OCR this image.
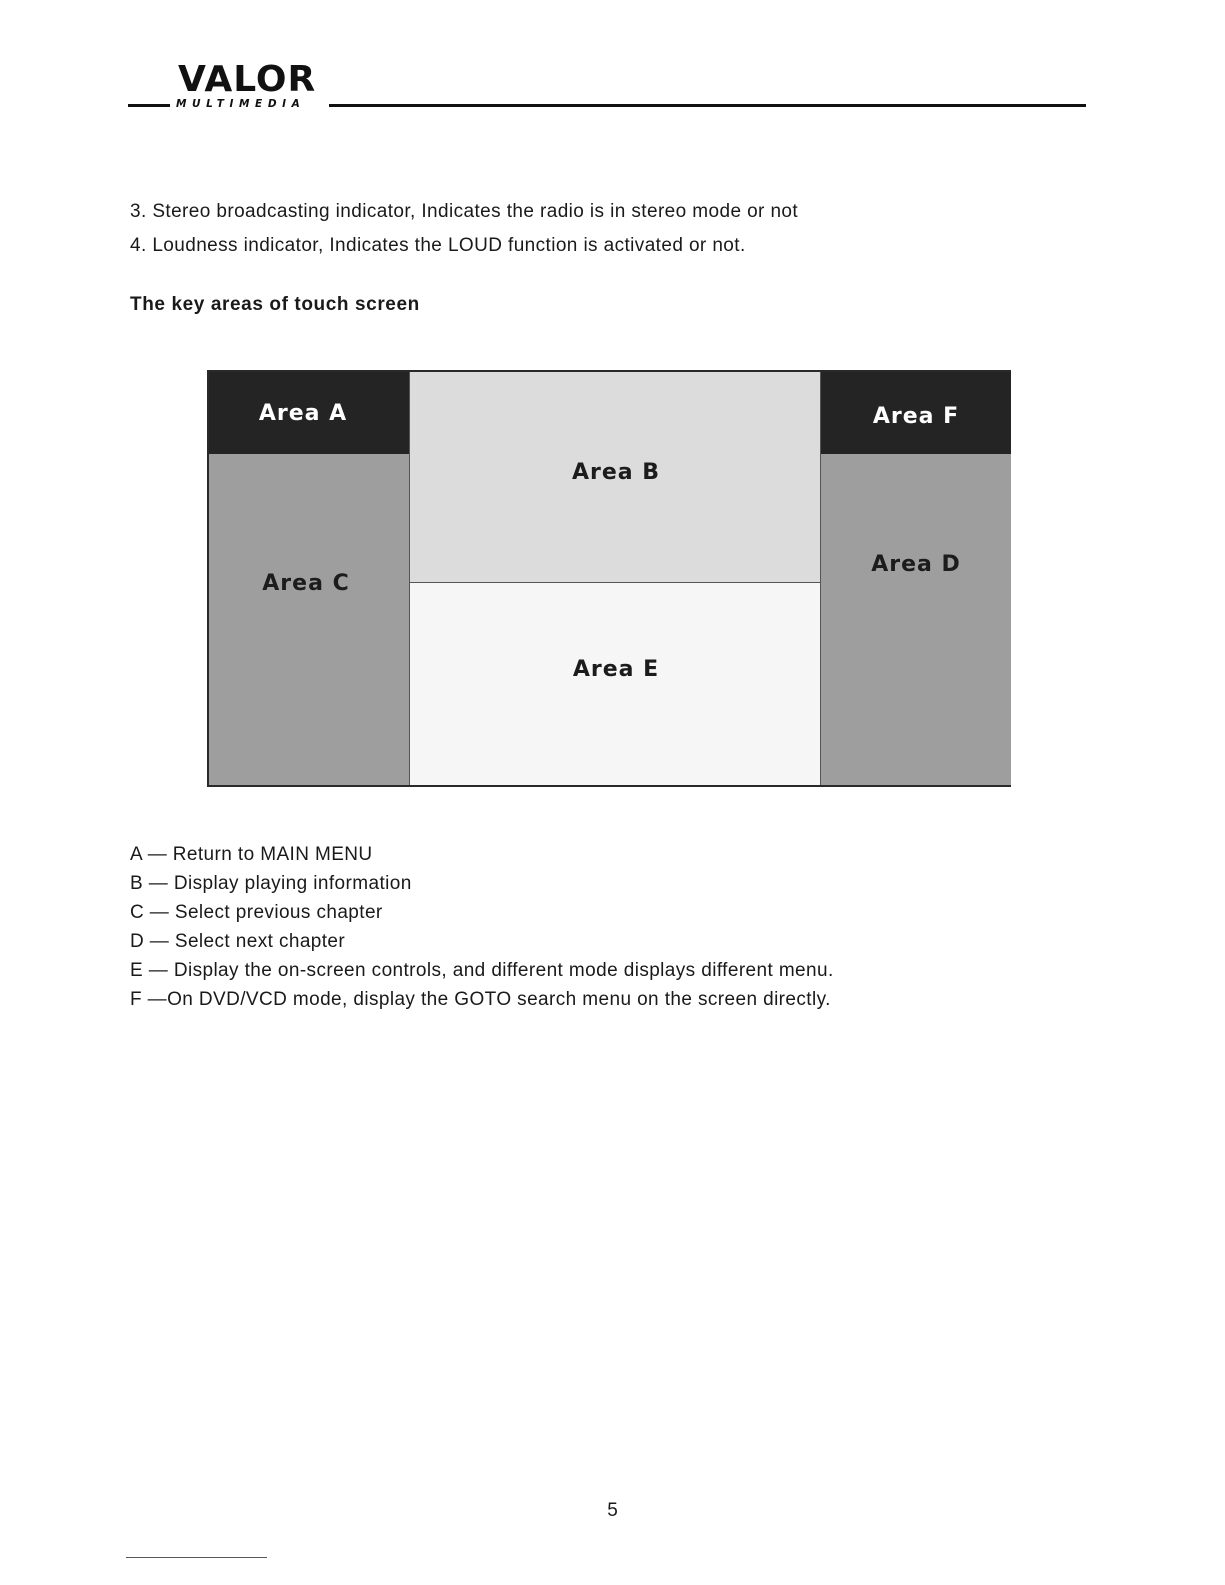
VALOR
MULTIMEDIA
3. Stereo broadcasting indicator, Indicates the radio is in stereo mode or not
4. Loudness indicator, Indicates the LOUD function is activated or not.
The key areas of touch screen
Area A
Area B
Area F
Area C
Area E
Area D
A — Return to MAIN MENU
B — Display playing information
C — Select previous chapter
D — Select next chapter
E — Display the on-screen controls, and different mode displays different menu.
F —On DVD/VCD mode, display the GOTO search menu on the screen directly.
5
